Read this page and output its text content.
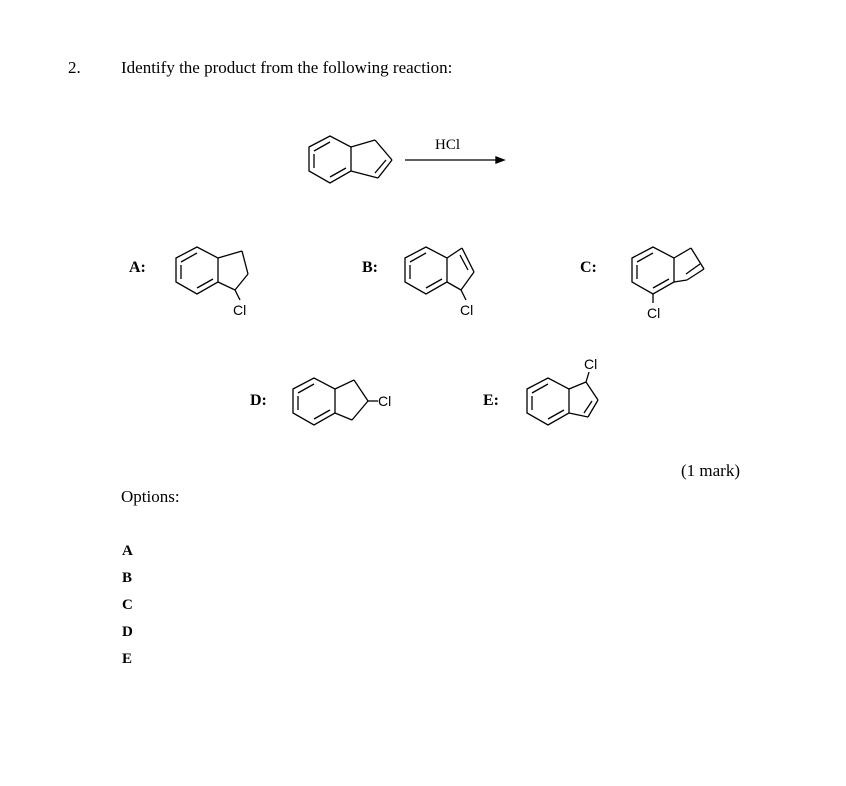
2. Identify the product from the following reaction:
HCl
A:
Cl
B:
Cl
C:
Cl
D:	Cl	E:
Cl
(1 mark)
Options:
A
B
C
D
E
